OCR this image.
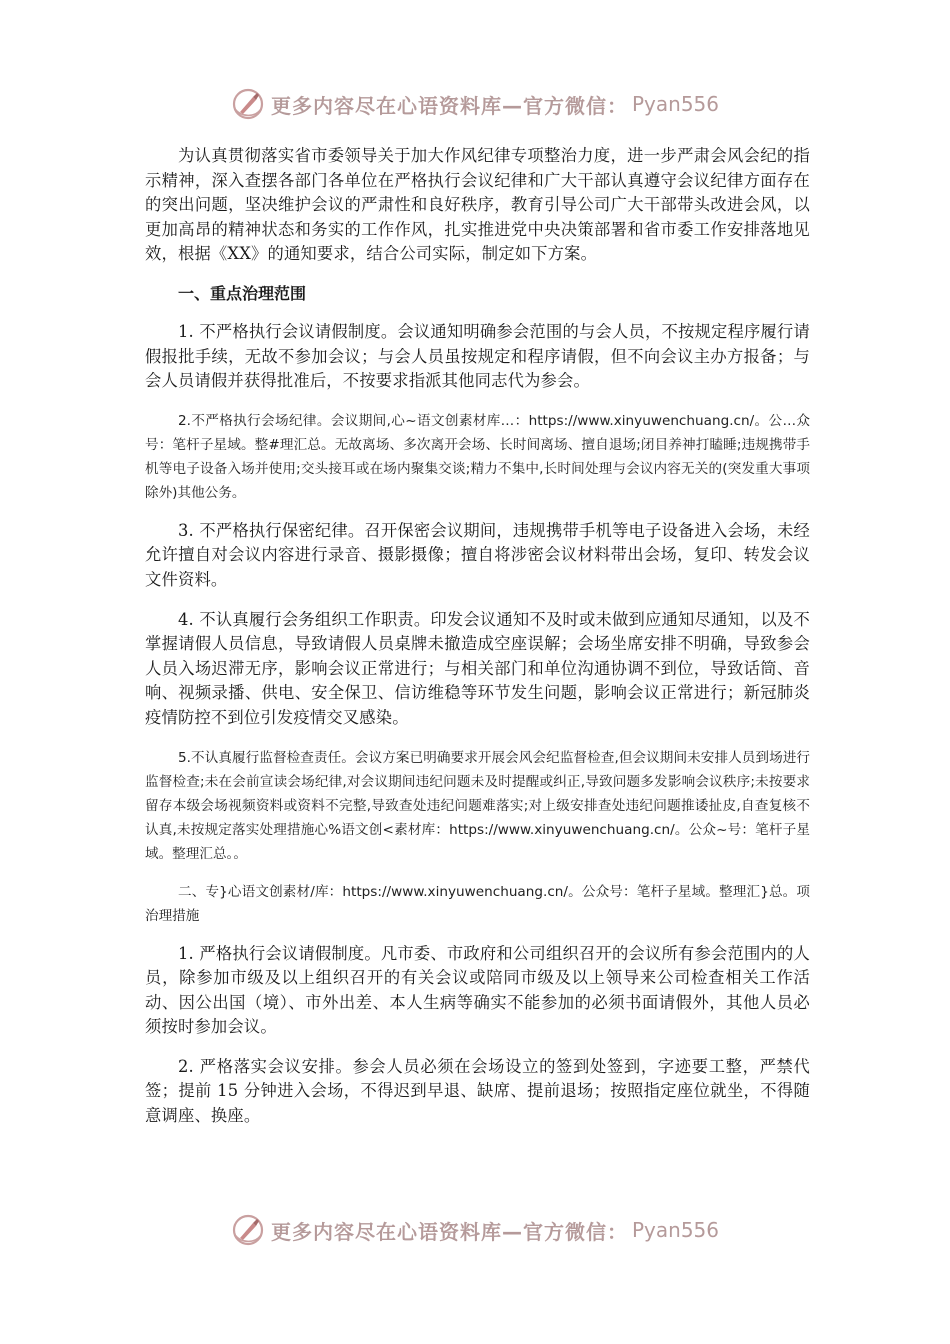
更多内容尽在心语资料库—官方微信： Pyan556

为认真贯彻落实省市委领导关于加大作风纪律专项整治力度，进一步严肃会风会纪的指示精神，深入查摆各部门各单位在严格执行会议纪律和广大干部认真遵守会议纪律方面存在的突出问题，坚决维护会议的严肃性和良好秩序，教育引导公司广大干部带头改进会风，以更加高昂的精神状态和务实的工作作风，扎实推进党中央决策部署和省市委工作安排落地见效，根据《XX》的通知要求，结合公司实际，制定如下方案。

一、重点治理范围

1. 不严格执行会议请假制度。会议通知明确参会范围的与会人员，不按规定程序履行请假报批手续，无故不参加会议；与会人员虽按规定和程序请假，但不向会议主办方报备；与会人员请假并获得批准后，不按要求指派其他同志代为参会。

2.不严格执行会场纪律。会议期间,心~语文创素材库…：https://www.xinyuwenchuang.cn/。公…众号：笔杆子星域。整#理汇总。无故离场、多次离开会场、长时间离场、擅自退场;闭目养神打瞌睡;违规携带手机等电子设备入场并使用;交头接耳或在场内聚集交谈;精力不集中,长时间处理与会议内容无关的(突发重大事项除外)其他公务。

3. 不严格执行保密纪律。召开保密会议期间，违规携带手机等电子设备进入会场，未经允许擅自对会议内容进行录音、摄影摄像；擅自将涉密会议材料带出会场，复印、转发会议文件资料。

4. 不认真履行会务组织工作职责。印发会议通知不及时或未做到应通知尽通知，以及不掌握请假人员信息，导致请假人员桌牌未撤造成空座误解；会场坐席安排不明确，导致参会人员入场迟滞无序，影响会议正常进行；与相关部门和单位沟通协调不到位，导致话筒、音响、视频录播、供电、安全保卫、信访维稳等环节发生问题，影响会议正常进行；新冠肺炎疫情防控不到位引发疫情交叉感染。

5.不认真履行监督检查责任。会议方案已明确要求开展会风会纪监督检查,但会议期间未安排人员到场进行监督检查;未在会前宣读会场纪律,对会议期间违纪问题未及时提醒或纠正,导致问题多发影响会议秩序;未按要求留存本级会场视频资料或资料不完整,导致查处违纪问题难落实;对上级安排查处违纪问题推诿扯皮,自查复核不认真,未按规定落实处理措施心%语文创<素材库：https://www.xinyuwenchuang.cn/。公众~号：笔杆子星域。整理汇总。。

二、专}心语文创素材/库：https://www.xinyuwenchuang.cn/。公众号：笔杆子星域。整理汇}总。项治理措施

1. 严格执行会议请假制度。凡市委、市政府和公司组织召开的会议所有参会范围内的人员，除参加市级及以上组织召开的有关会议或陪同市级及以上领导来公司检查相关工作活动、因公出国（境）、市外出差、本人生病等确实不能参加的必须书面请假外，其他人员必须按时参加会议。

2. 严格落实会议安排。参会人员必须在会场设立的签到处签到，字迹要工整，严禁代签；提前 15 分钟进入会场，不得迟到早退、缺席、提前退场；按照指定座位就坐，不得随意调座、换座。

更多内容尽在心语资料库—官方微信： Pyan556
